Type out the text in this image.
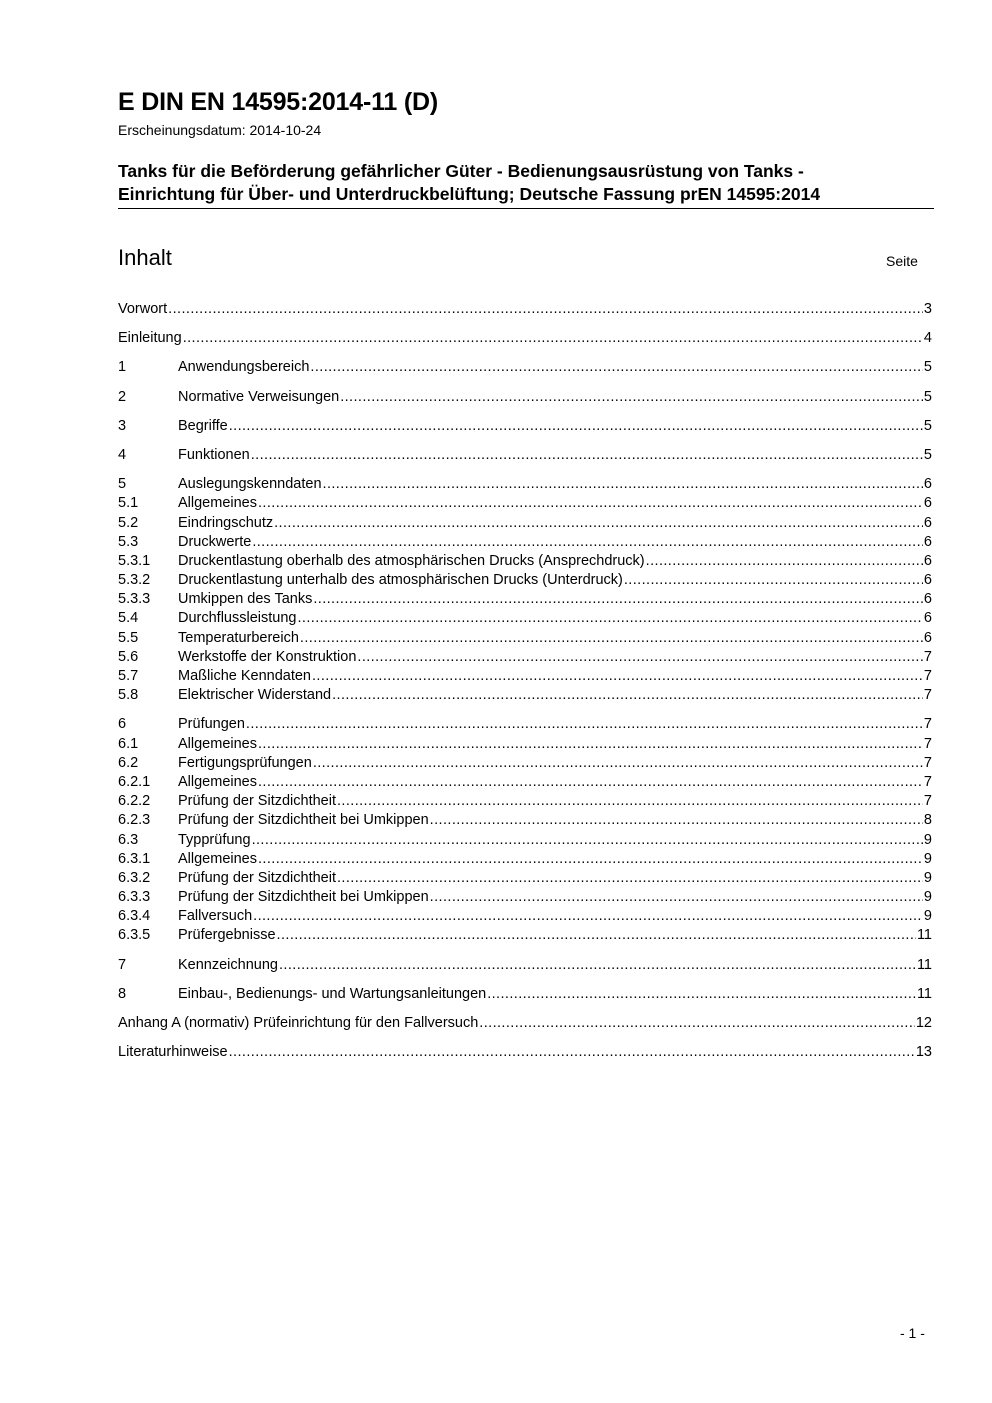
E DIN EN 14595:2014-11 (D)
Erscheinungsdatum: 2014-10-24
Tanks für die Beförderung gefährlicher Güter - Bedienungsausrüstung von Tanks -
Einrichtung für Über- und Unterdruckbelüftung; Deutsche Fassung prEN 14595:2014
Inhalt	Seite
Vorwort .....	3
Einleitung .....	4
1	Anwendungsbereich .....	5
2	Normative Verweisungen .....	5
3	Begriffe .....	5
4	Funktionen .....	5
5	Auslegungskenndaten .....	6
5.1	Allgemeines .....	6
5.2	Eindringschutz .....	6
5.3	Druckwerte .....	6
5.3.1	Druckentlastung oberhalb des atmosphärischen Drucks (Ansprechdruck) .....	6
5.3.2	Druckentlastung unterhalb des atmosphärischen Drucks (Unterdruck) .....	6
5.3.3	Umkippen des Tanks .....	6
5.4	Durchflussleistung .....	6
5.5	Temperaturbereich .....	6
5.6	Werkstoffe der Konstruktion .....	7
5.7	Maßliche Kenndaten .....	7
5.8	Elektrischer Widerstand .....	7
6	Prüfungen .....	7
6.1	Allgemeines .....	7
6.2	Fertigungsprüfungen .....	7
6.2.1	Allgemeines .....	7
6.2.2	Prüfung der Sitzdichtheit .....	7
6.2.3	Prüfung der Sitzdichtheit bei Umkippen .....	8
6.3	Typprüfung .....	9
6.3.1	Allgemeines .....	9
6.3.2	Prüfung der Sitzdichtheit .....	9
6.3.3	Prüfung der Sitzdichtheit bei Umkippen .....	9
6.3.4	Fallversuch .....	9
6.3.5	Prüfergebnisse .....	11
7	Kennzeichnung .....	11
8	Einbau-, Bedienungs- und Wartungsanleitungen .....	11
Anhang A (normativ) Prüfeinrichtung für den Fallversuch .....	12
Literaturhinweise .....	13
- 1 -
